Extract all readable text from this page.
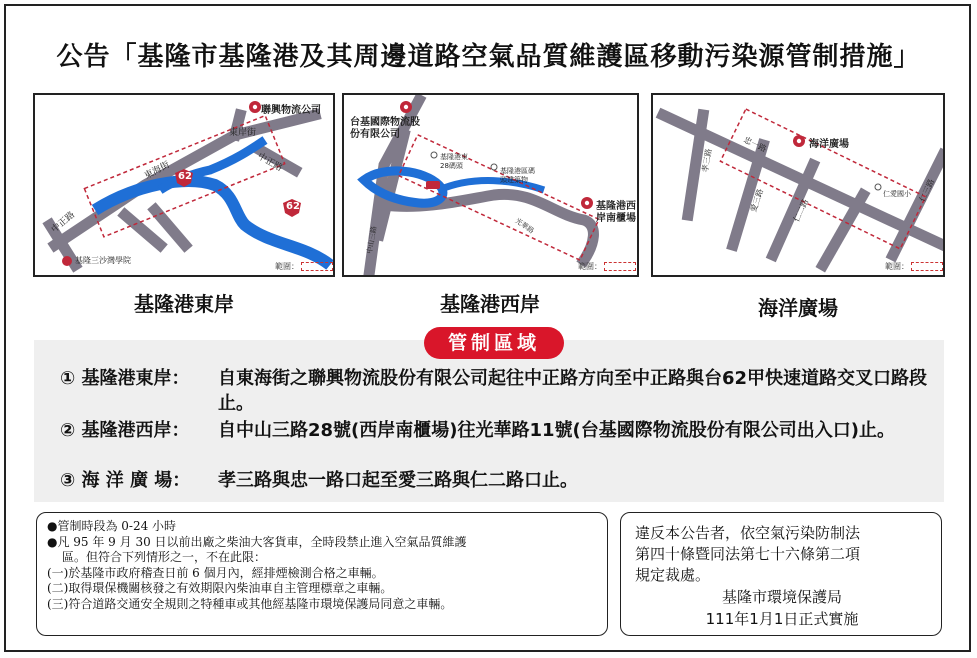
公告「基隆市基隆港及其周邊道路空氣品質維護區移動污染源管制措施」
聯興物流公司
東海街
東岸街
中正路
中正路
62
62
基隆三沙灣學院
範圍：
台基國際物流股份有限公司
基隆港東28碼頭
基隆港區碼頭建築物
基隆港西岸南櫃場
光華路
中山三路
範圍：
海洋廣場
忠一路
孝三路
愛三路	仁二路
仁三路
仁愛國小
範圍：
基隆港東岸	基隆港西岸	海洋廣場
管制區域
① 基隆港東岸：	自東海街之聯興物流股份有限公司起往中正路方向至中正路與台62甲快速道路交叉口路段止。
② 基隆港西岸：	自中山三路28號(西岸南櫃場)往光華路11號(台基國際物流股份有限公司出入口)止。
③ 海 洋 廣 場：	孝三路與忠一路口起至愛三路與仁二路口止。
●管制時段為 0-24 小時
●凡 95 年 9 月 30 日以前出廠之柴油大客貨車，全時段禁止進入空氣品質維護
區。但符合下列情形之一，不在此限：
(一)於基隆市政府稽查日前 6 個月內，經排煙檢測合格之車輛。
(二)取得環保機關核發之有效期限內柴油車自主管理標章之車輛。
(三)符合道路交通安全規則之特種車或其他經基隆市環境保護局同意之車輛。
違反本公告者，依空氣污染防制法
第四十條暨同法第七十六條第二項
規定裁處。
基隆市環境保護局
111年1月1日正式實施
